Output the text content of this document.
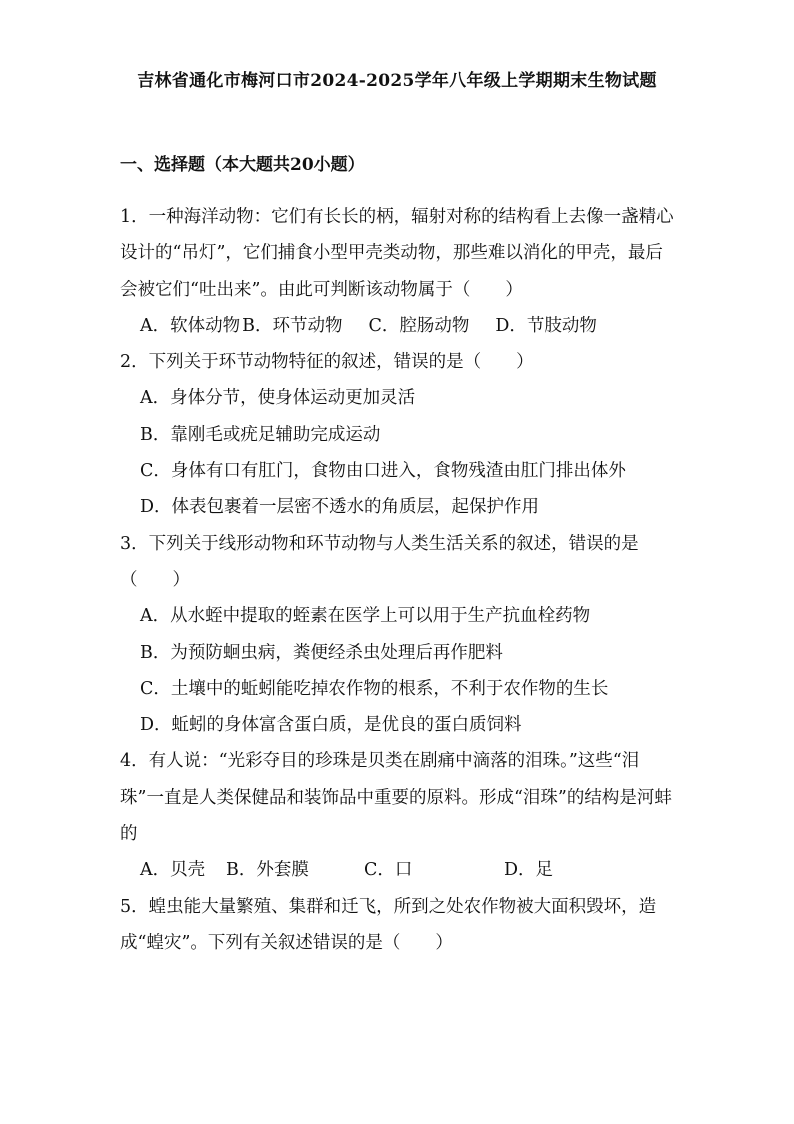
吉林省通化市梅河口市2024-2025学年八年级上学期期末生物试题
一、选择题（本大题共20小题）

1．一种海洋动物：它们有长长的柄，辐射对称的结构看上去像一盏精心设计的“吊灯”，它们捕食小型甲壳类动物，那些难以消化的甲壳，最后会被它们“吐出来”。由此可判断该动物属于（　　）

A．软体动物 B．环节动物 C．腔肠动物 D．节肢动物

2．下列关于环节动物特征的叙述，错误的是（　　）

A．身体分节，使身体运动更加灵活

B．靠刚毛或疣足辅助完成运动

C．身体有口有肛门，食物由口进入，食物残渣由肛门排出体外

D．体表包裹着一层密不透水的角质层，起保护作用

3．下列关于线形动物和环节动物与人类生活关系的叙述，错误的是（　　）

A．从水蛭中提取的蛭素在医学上可以用于生产抗血栓药物

B．为预防蛔虫病，粪便经杀虫处理后再作肥料

C．土壤中的蚯蚓能吃掉农作物的根系，不利于农作物的生长

D．蚯蚓的身体富含蛋白质，是优良的蛋白质饲料

4．有人说：“光彩夺目的珍珠是贝类在剧痛中滴落的泪珠。”这些“泪珠”一直是人类保健品和装饰品中重要的原料。形成“泪珠”的结构是河蚌的

A．贝壳	B．外套膜	C．口	D．足

5．蝗虫能大量繁殖、集群和迁飞，所到之处农作物被大面积毁坏，造成“蝗灾”。下列有关叙述错误的是（　　）
